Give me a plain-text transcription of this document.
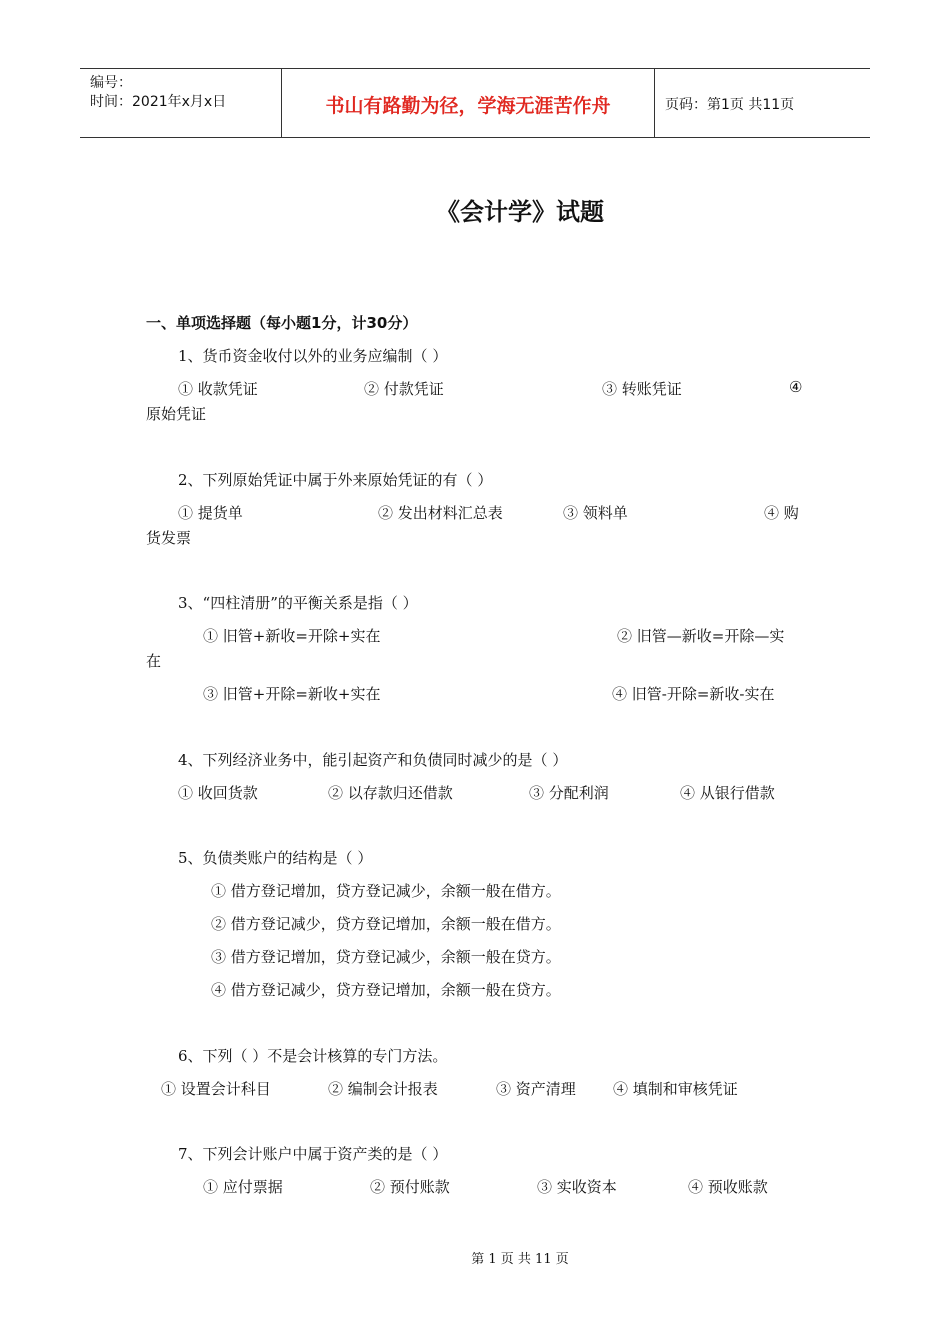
编号：
时间：2021年x月x日	书山有路勤为径，学海无涯苦作舟	页码：第1页 共11页
《会计学》试题
一、单项选择题（每小题1分，计30分）
1、货币资金收付以外的业务应编制（ ）
① 收款凭证	② 付款凭证	③ 转账凭证	④
原始凭证
2、下列原始凭证中属于外来原始凭证的有（ ）
① 提货单	② 发出材料汇总表	③ 领料单	④ 购
货发票
3、“四柱清册”的平衡关系是指（ ）
① 旧管+新收=开除+实在	② 旧管—新收=开除—实
在
③ 旧管+开除=新收+实在	④ 旧管-开除=新收-实在
4、下列经济业务中，能引起资产和负债同时减少的是（ ）
① 收回货款	② 以存款归还借款	③ 分配利润	④ 从银行借款
5、负债类账户的结构是（ ）
① 借方登记增加，贷方登记减少，余额一般在借方。
② 借方登记减少，贷方登记增加，余额一般在借方。
③ 借方登记增加，贷方登记减少，余额一般在贷方。
④ 借方登记减少，贷方登记增加，余额一般在贷方。
6、下列（ ）不是会计核算的专门方法。
① 设置会计科目	② 编制会计报表	③ 资产清理 ④ 填制和审核凭证
7、下列会计账户中属于资产类的是（ ）
① 应付票据	② 预付账款	③ 实收资本	④ 预收账款
第 1 页 共 11 页
